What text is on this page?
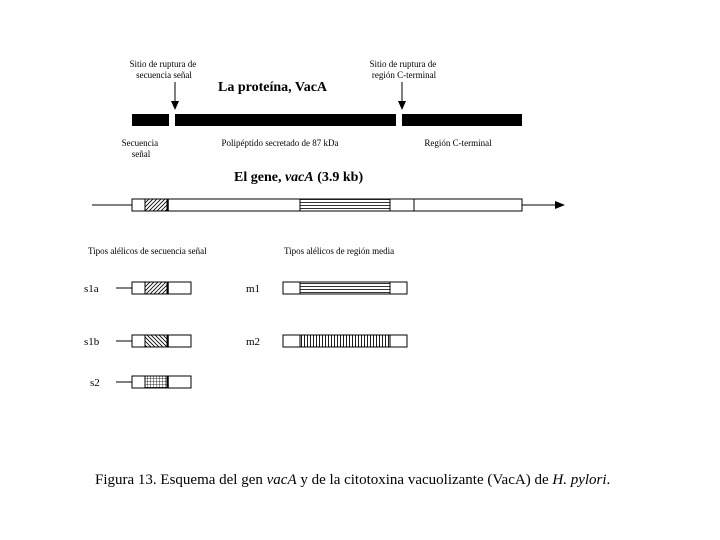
Sitio de ruptura de secuencia señal
Sitio de ruptura de región C-terminal
La proteína, VacA
Secuencia señal
Polipéptido secretado de 87 kDa	Región C-terminal
El gene, vacA (3.9 kb)
Tipos alélicos de secuencia señal	Tipos alélicos de región media
s1a	m1
s1b	m2
s2
Figura 13. Esquema del gen vacA y de la citotoxina vacuolizante (VacA) de H. pylori.
